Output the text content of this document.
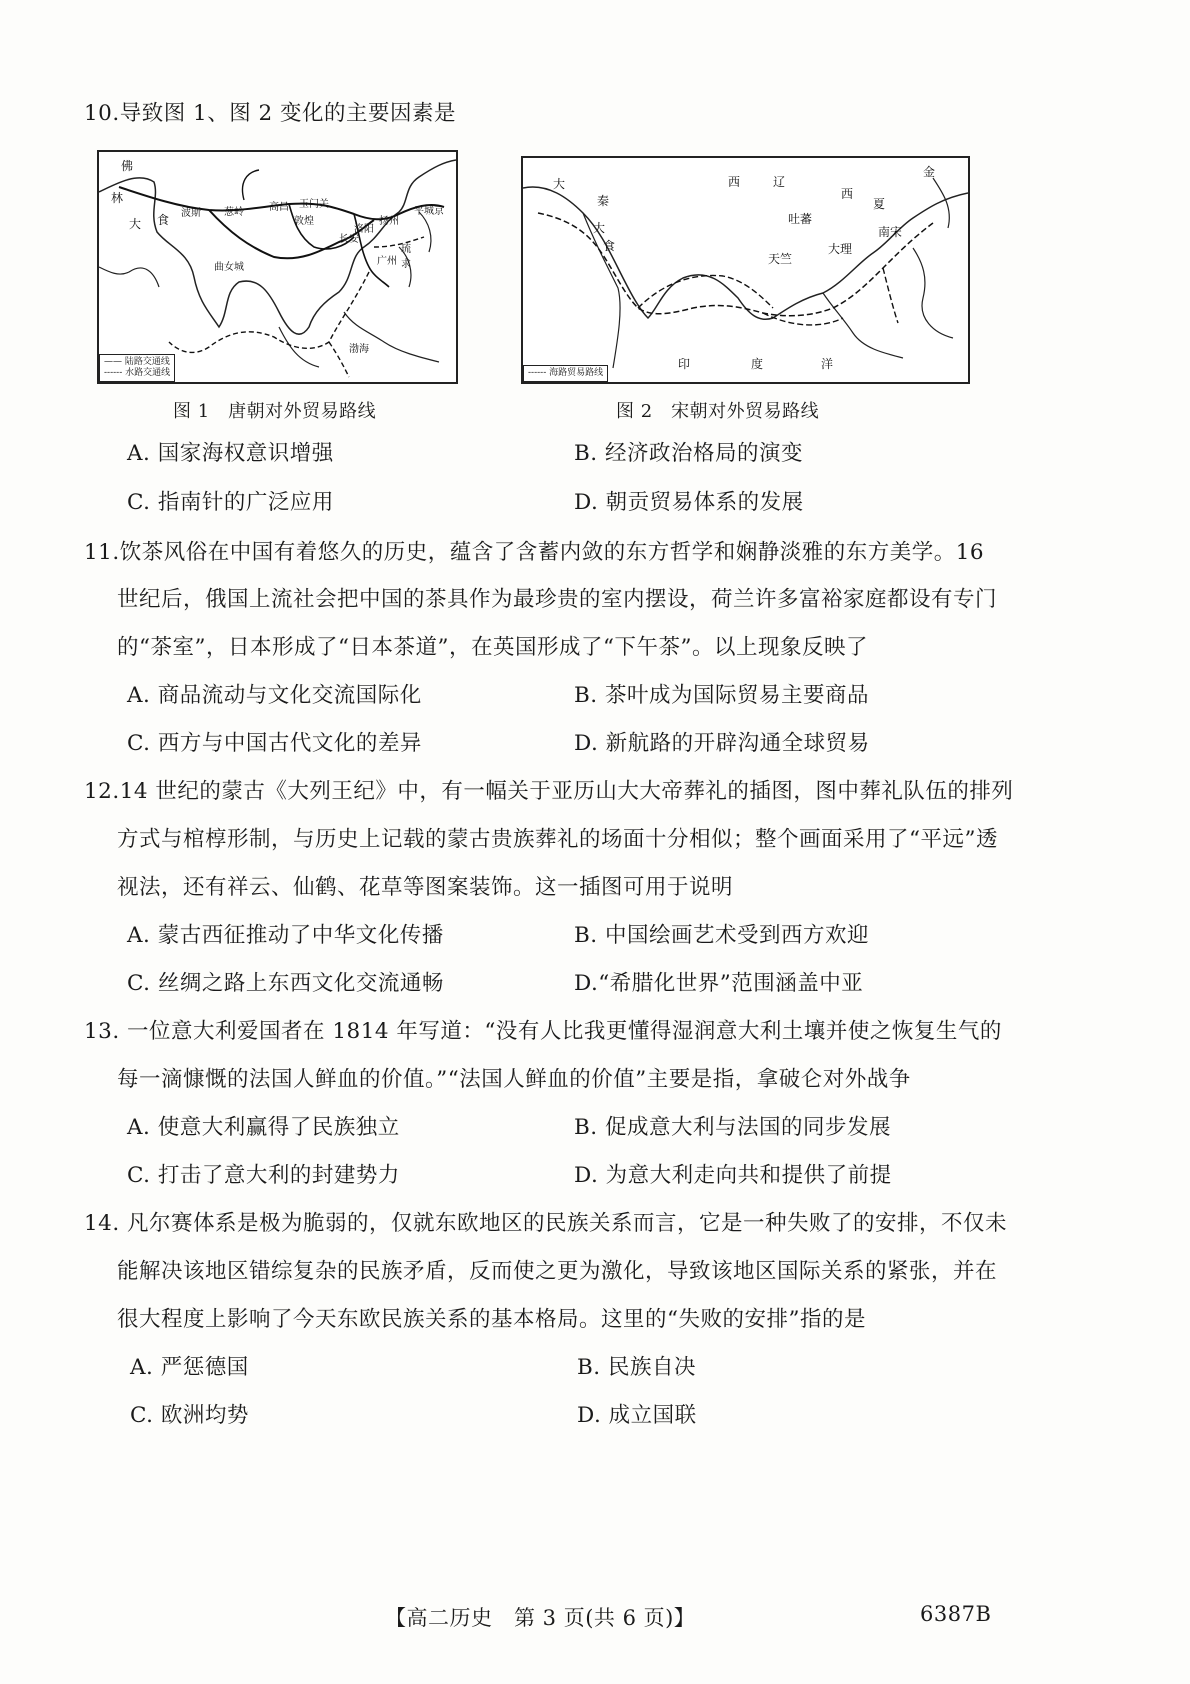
10.导致图 1、图 2 变化的主要因素是
佛
林
大 食 波斯 葱岭	高昌 玉门关
敦煌
长安
洛阳
扬州
平城京
曲女城
广州
琉
求
渤海
—— 陆路交通线
------ 水路交通线
图 1　唐朝对外贸易路线
大
秦
大
食
西	辽
西
夏
金
吐蕃
大理
南宋
天竺
印	度	洋
------ 海路贸易路线
图 2　宋朝对外贸易路线
A. 国家海权意识增强	B. 经济政治格局的演变
C. 指南针的广泛应用	D. 朝贡贸易体系的发展
11.饮茶风俗在中国有着悠久的历史，蕴含了含蓄内敛的东方哲学和娴静淡雅的东方美学。16
世纪后，俄国上流社会把中国的茶具作为最珍贵的室内摆设，荷兰许多富裕家庭都设有专门
的“茶室”，日本形成了“日本茶道”，在英国形成了“下午茶”。以上现象反映了
A. 商品流动与文化交流国际化	B. 茶叶成为国际贸易主要商品
C. 西方与中国古代文化的差异	D. 新航路的开辟沟通全球贸易
12.14 世纪的蒙古《大列王纪》中，有一幅关于亚历山大大帝葬礼的插图，图中葬礼队伍的排列
方式与棺椁形制，与历史上记载的蒙古贵族葬礼的场面十分相似；整个画面采用了“平远”透
视法，还有祥云、仙鹤、花草等图案装饰。这一插图可用于说明
A. 蒙古西征推动了中华文化传播	B. 中国绘画艺术受到西方欢迎
C. 丝绸之路上东西文化交流通畅	D.“希腊化世界”范围涵盖中亚
13. 一位意大利爱国者在 1814 年写道：“没有人比我更懂得湿润意大利土壤并使之恢复生气的
每一滴慷慨的法国人鲜血的价值。”“法国人鲜血的价值”主要是指，拿破仑对外战争
A. 使意大利赢得了民族独立	B. 促成意大利与法国的同步发展
C. 打击了意大利的封建势力	D. 为意大利走向共和提供了前提
14. 凡尔赛体系是极为脆弱的，仅就东欧地区的民族关系而言，它是一种失败了的安排，不仅未
能解决该地区错综复杂的民族矛盾，反而使之更为激化，导致该地区国际关系的紧张，并在
很大程度上影响了今天东欧民族关系的基本格局。这里的“失败的安排”指的是
A. 严惩德国	B. 民族自决
C. 欧洲均势	D. 成立国联
【高二历史　第 3 页(共 6 页)】	6387B
